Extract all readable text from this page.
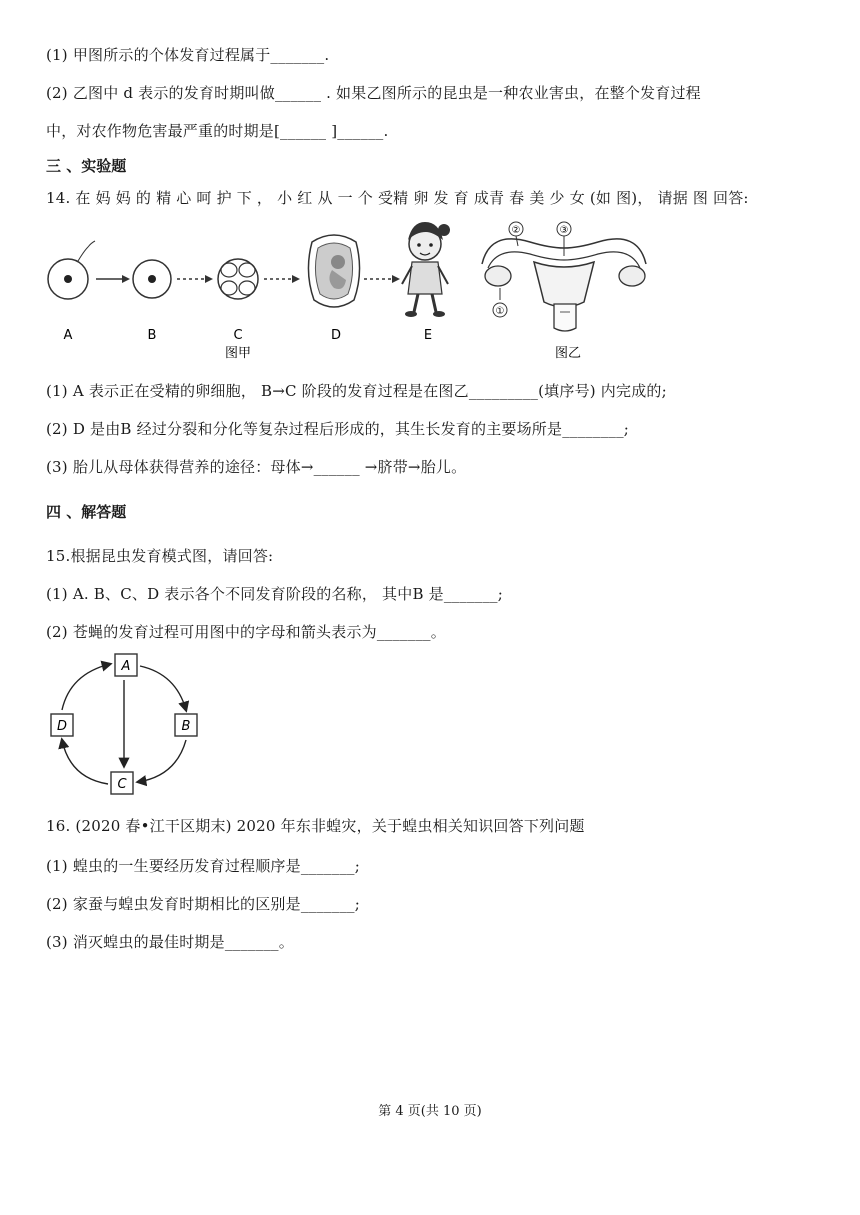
(1) 甲图所示的个体发育过程属于_______.
(2) 乙图中 d 表示的发育时期叫做______ . 如果乙图所示的昆虫是一种农业害虫，在整个发育过程
中，对农作物危害最严重的时期是[______ ]______.
三 、实验题
14. 在 妈 妈 的 精 心 呵 护 下 ， 小 红 从 一 个 受精 卵 发 育 成青 春 美 少 女 (如 图)， 请据 图 回答:
①
②	③
A	B	C	D	E
图甲	图乙
(1) A 表示正在受精的卵细胞， B→C 阶段的发育过程是在图乙_________(填序号) 内完成的;
(2) D 是由B 经过分裂和分化等复杂过程后形成的，其生长发育的主要场所是________;
(3) 胎儿从母体获得营养的途径：母体→______ →脐带→胎儿。
四 、解答题
15.根据昆虫发育模式图，请回答:
(1) A. B、C、D 表示各个不同发育阶段的名称， 其中B 是_______;
(2) 苍蝇的发育过程可用图中的字母和箭头表示为_______。
A
B
C
D
16. (2020 春•江干区期末) 2020 年东非蝗灾，关于蝗虫相关知识回答下列问题
(1) 蝗虫的一生要经历发育过程顺序是_______;
(2) 家蚕与蝗虫发育时期相比的区别是_______;
(3) 消灭蝗虫的最佳时期是_______。
第 4 页(共 10 页)
